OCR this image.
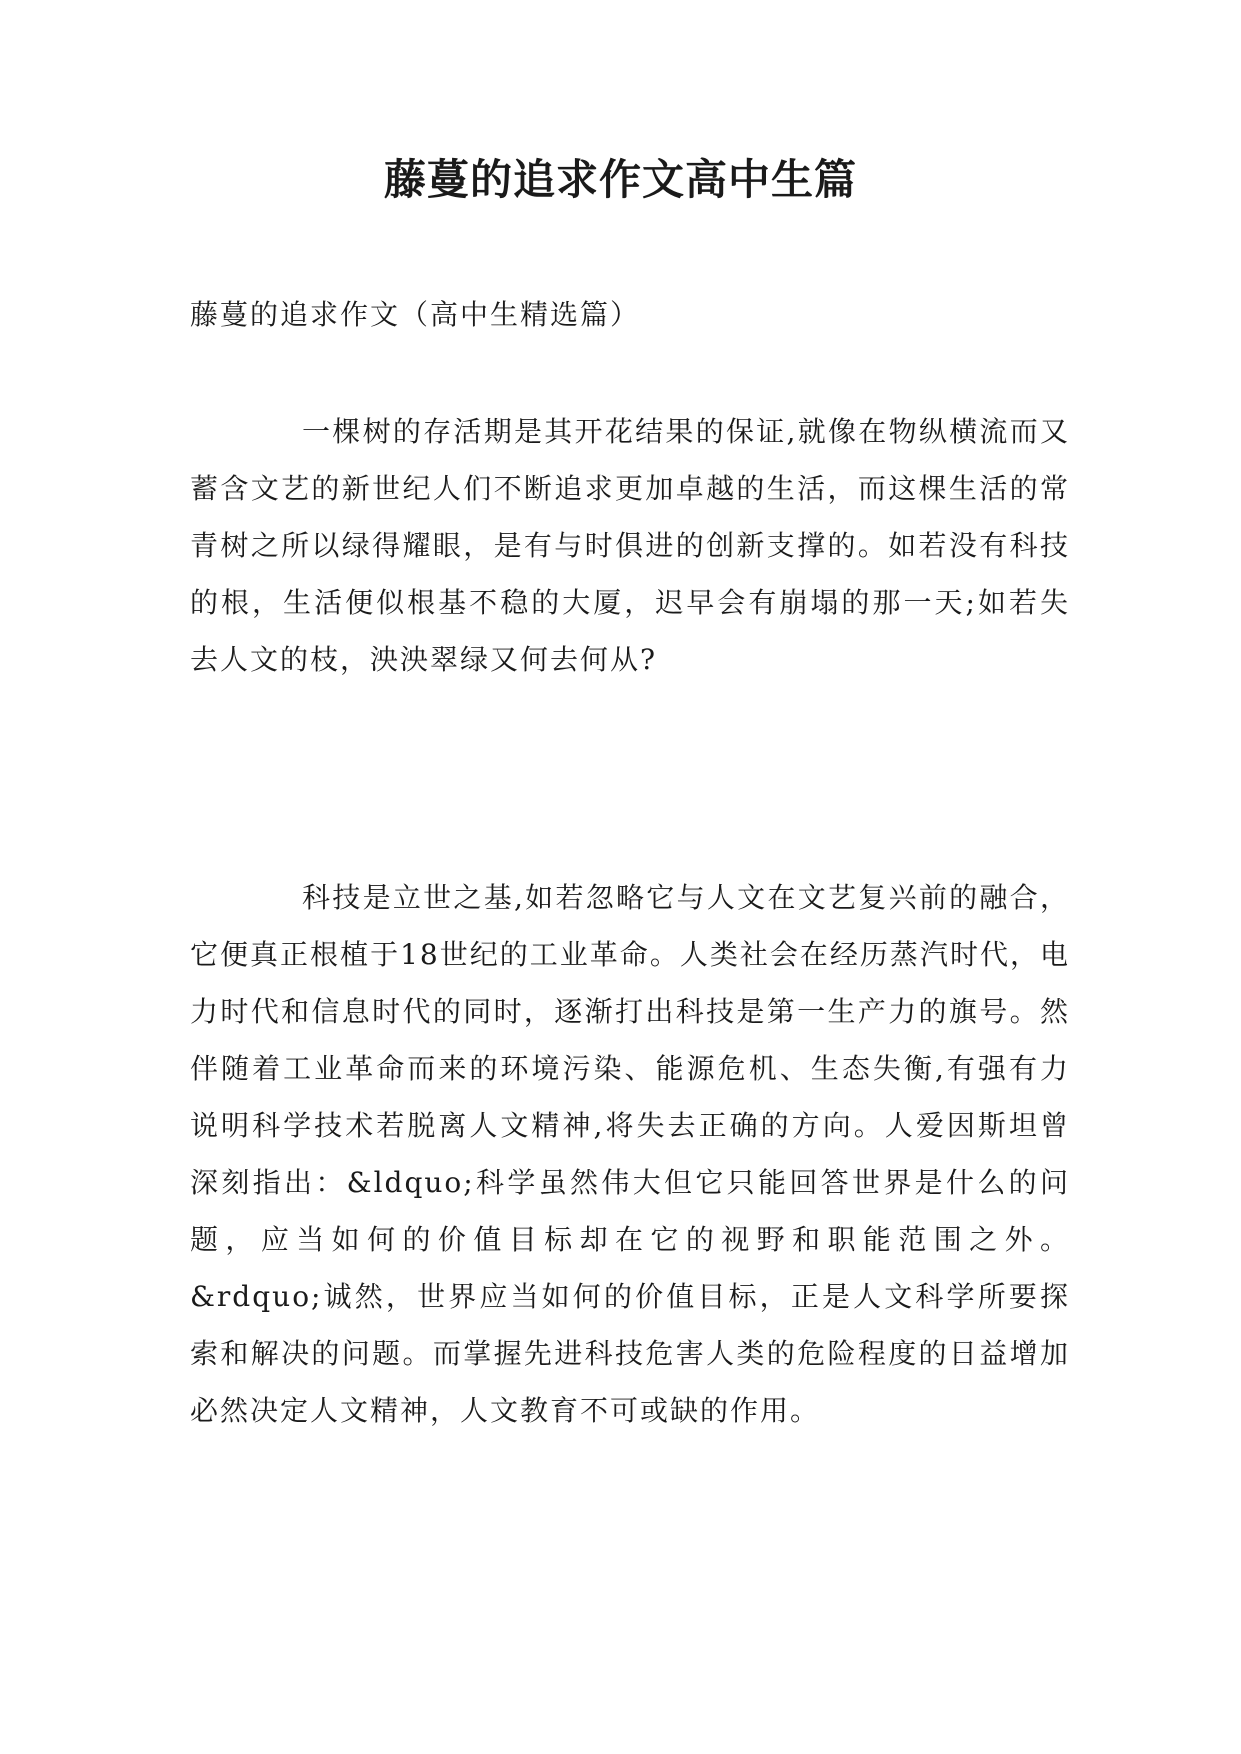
藤蔓的追求作文高中生篇

藤蔓的追求作文（高中生精选篇）

一棵树的存活期是其开花结果的保证,就像在物纵横流而又蓄含文艺的新世纪人们不断追求更加卓越的生活，而这棵生活的常青树之所以绿得耀眼，是有与时俱进的创新支撑的。如若没有科技的根，生活便似根基不稳的大厦，迟早会有崩塌的那一天;如若失去人文的枝，泱泱翠绿又何去何从?

科技是立世之基,如若忽略它与人文在文艺复兴前的融合，它便真正根植于18世纪的工业革命。人类社会在经历蒸汽时代，电力时代和信息时代的同时，逐渐打出科技是第一生产力的旗号。然伴随着工业革命而来的环境污染、能源危机、生态失衡,有强有力说明科学技术若脱离人文精神,将失去正确的方向。人爱因斯坦曾深刻指出：&ldquo;科学虽然伟大但它只能回答世界是什么的问题，应当如何的价值目标却在它的视野和职能范围之外。&rdquo;诚然，世界应当如何的价值目标，正是人文科学所要探索和解决的问题。而掌握先进科技危害人类的危险程度的日益增加必然决定人文精神，人文教育不可或缺的作用。
